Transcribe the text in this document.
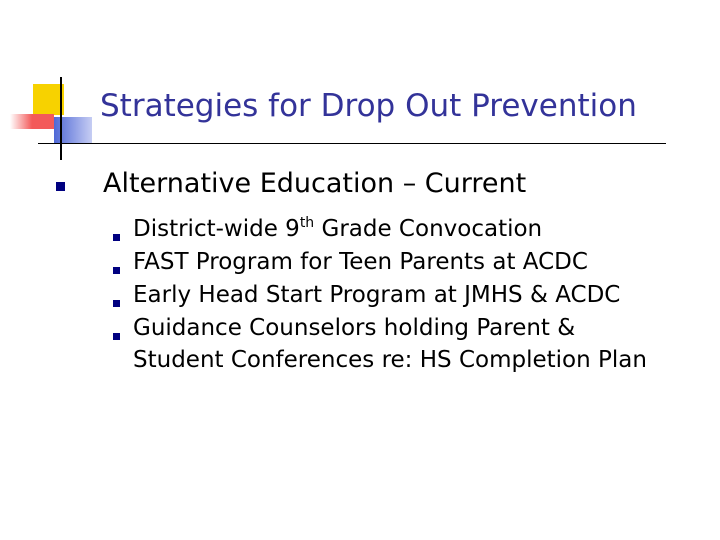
Strategies for Drop Out Prevention
Alternative Education – Current
District-wide 9th Grade Convocation
FAST Program for Teen Parents at ACDC
Early Head Start Program at JMHS & ACDC
Guidance Counselors holding Parent & Student Conferences re: HS Completion Plan
